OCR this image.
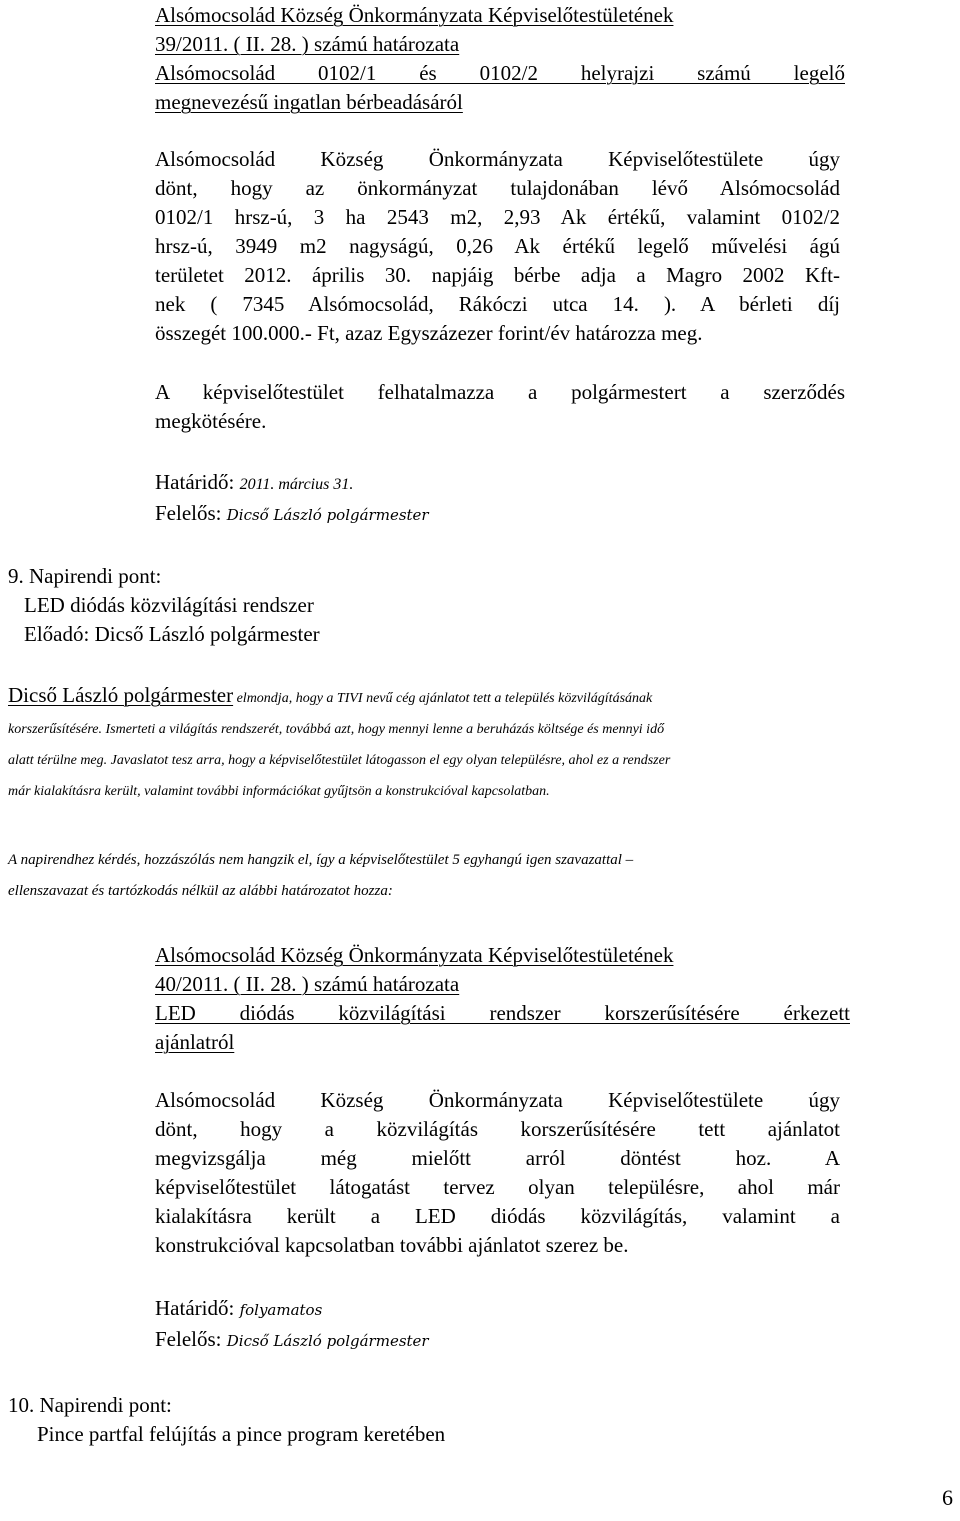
Alsómocsolád Község Önkormányzata Képviselőtestületének
39/2011. ( II. 28. ) számú határozata
Alsómocsolád 0102/1 és 0102/2 helyrajzi számú legelő
megnevezésű ingatlan bérbeadásáról
Alsómocsolád Község Önkormányzata Képviselőtestülete úgy
dönt, hogy az önkormányzat tulajdonában lévő Alsómocsolád
0102/1 hrsz-ú, 3 ha 2543 m2, 2,93 Ak értékű, valamint 0102/2
hrsz-ú, 3949 m2 nagyságú, 0,26 Ak értékű legelő művelési ágú
területet 2012. április 30. napjáig bérbe adja a Magro 2002 Kft-
nek ( 7345 Alsómocsolád, Rákóczi utca 14. ). A bérleti díj
összegét 100.000.- Ft, azaz Egyszázezer forint/év határozza meg.
A képviselőtestület felhatalmazza a polgármestert a szerződés
megkötésére.
Határidő: 2011. március 31.
Felelős: Dicső László polgármester
9. Napirendi pont:
LED diódás közvilágítási rendszer
Előadó: Dicső László polgármester
Dicső László polgármester elmondja, hogy a TIVI nevű cég ajánlatot tett a település közvilágításának
korszerűsítésére. Ismerteti a világítás rendszerét, továbbá azt, hogy mennyi lenne a beruházás költsége és mennyi idő
alatt térülne meg. Javaslatot tesz arra, hogy a képviselőtestület látogasson el egy olyan településre, ahol ez a rendszer
már kialakításra került, valamint további információkat gyűjtsön a konstrukcióval kapcsolatban.
A napirendhez kérdés, hozzászólás nem hangzik el, így a képviselőtestület 5 egyhangú igen szavazattal –
ellenszavazat és tartózkodás nélkül az alábbi határozatot hozza:
Alsómocsolád Község Önkormányzata Képviselőtestületének
40/2011. ( II. 28. ) számú határozata
LED diódás közvilágítási rendszer korszerűsítésére érkezett
ajánlatról
Alsómocsolád Község Önkormányzata Képviselőtestülete úgy
dönt, hogy a közvilágítás korszerűsítésére tett ajánlatot
megvizsgálja még mielőtt arról döntést hoz. A
képviselőtestület látogatást tervez olyan településre, ahol már
kialakításra került a LED diódás közvilágítás, valamint a
konstrukcióval kapcsolatban további ajánlatot szerez be.
Határidő: folyamatos
Felelős: Dicső László polgármester
10. Napirendi pont:
Pince partfal felújítás a pince program keretében
6
